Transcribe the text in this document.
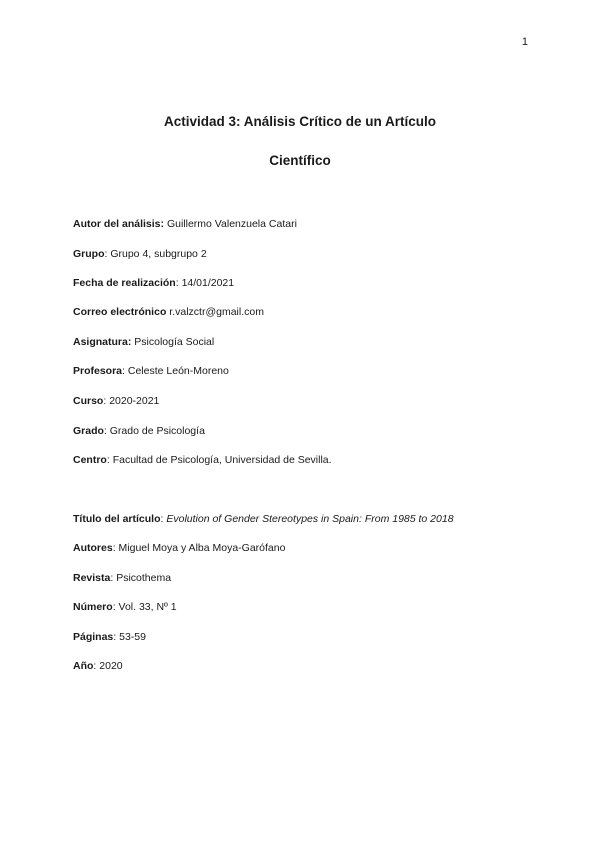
1
Actividad 3: Análisis Crítico de un Artículo
Científico
Autor del análisis: Guillermo Valenzuela Catari
Grupo: Grupo 4, subgrupo 2
Fecha de realización: 14/01/2021
Correo electrónico r.valzctr@gmail.com
Asignatura: Psicología Social
Profesora: Celeste León-Moreno
Curso: 2020-2021
Grado: Grado de Psicología
Centro: Facultad de Psicología, Universidad de Sevilla.
Título del artículo: Evolution of Gender Stereotypes in Spain: From 1985 to 2018
Autores: Miguel Moya y Alba Moya-Garófano
Revista: Psicothema
Número: Vol. 33, Nº 1
Páginas: 53-59
Año: 2020
